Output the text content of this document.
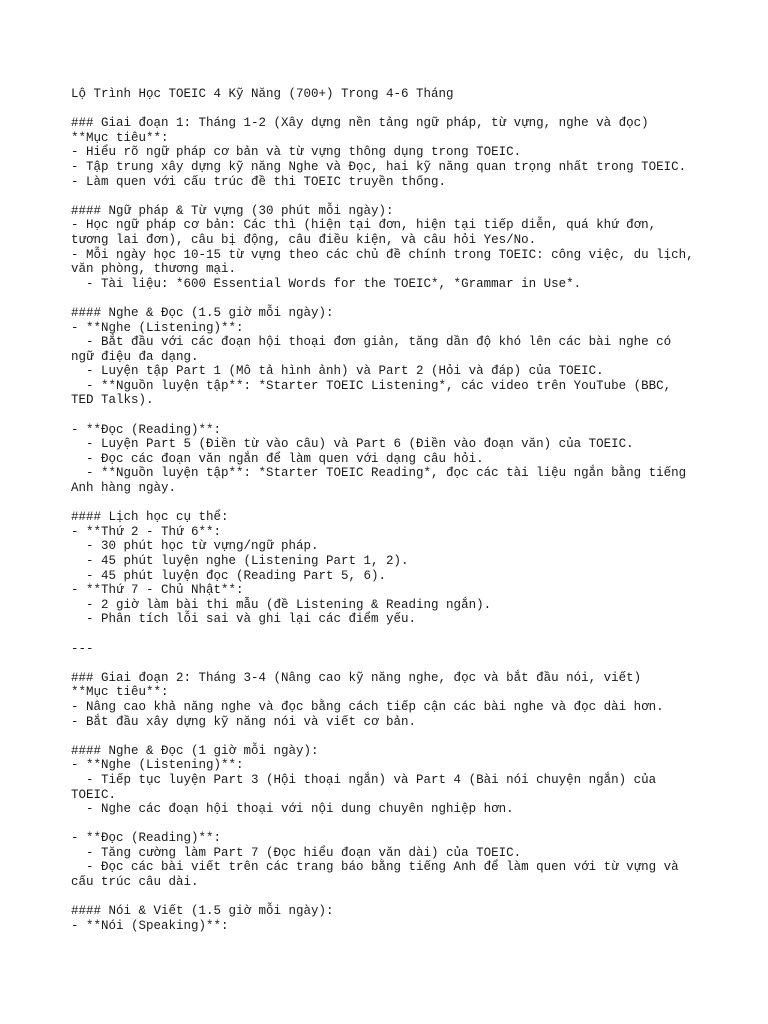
Lộ Trình Học TOEIC 4 Kỹ Năng (700+) Trong 4-6 Tháng
### Giai đoạn 1: Tháng 1-2 (Xây dựng nền tảng ngữ pháp, từ vựng, nghe và đọc)
**Mục tiêu**:
- Hiểu rõ ngữ pháp cơ bản và từ vựng thông dụng trong TOEIC.
- Tập trung xây dựng kỹ năng Nghe và Đọc, hai kỹ năng quan trọng nhất trong TOEIC.
- Làm quen với cấu trúc đề thi TOEIC truyền thống.
#### Ngữ pháp & Từ vựng (30 phút mỗi ngày):
- Học ngữ pháp cơ bản: Các thì (hiện tại đơn, hiện tại tiếp diễn, quá khứ đơn,
tương lai đơn), câu bị động, câu điều kiện, và câu hỏi Yes/No.
- Mỗi ngày học 10-15 từ vựng theo các chủ đề chính trong TOEIC: công việc, du lịch,
văn phòng, thương mại.
- Tài liệu: *600 Essential Words for the TOEIC*, *Grammar in Use*.
#### Nghe & Đọc (1.5 giờ mỗi ngày):
- **Nghe (Listening)**:
- Bắt đầu với các đoạn hội thoại đơn giản, tăng dần độ khó lên các bài nghe có
ngữ điệu đa dạng.
- Luyện tập Part 1 (Mô tả hình ảnh) và Part 2 (Hỏi và đáp) của TOEIC.
- **Nguồn luyện tập**: *Starter TOEIC Listening*, các video trên YouTube (BBC,
TED Talks).
- **Đọc (Reading)**:
- Luyện Part 5 (Điền từ vào câu) và Part 6 (Điền vào đoạn văn) của TOEIC.
- Đọc các đoạn văn ngắn để làm quen với dạng câu hỏi.
- **Nguồn luyện tập**: *Starter TOEIC Reading*, đọc các tài liệu ngắn bằng tiếng
Anh hàng ngày.
#### Lịch học cụ thể:
- **Thứ 2 - Thứ 6**:
- 30 phút học từ vựng/ngữ pháp.
- 45 phút luyện nghe (Listening Part 1, 2).
- 45 phút luyện đọc (Reading Part 5, 6).
- **Thứ 7 - Chủ Nhật**:
- 2 giờ làm bài thi mẫu (đề Listening & Reading ngắn).
- Phân tích lỗi sai và ghi lại các điểm yếu.
---
### Giai đoạn 2: Tháng 3-4 (Nâng cao kỹ năng nghe, đọc và bắt đầu nói, viết)
**Mục tiêu**:
- Nâng cao khả năng nghe và đọc bằng cách tiếp cận các bài nghe và đọc dài hơn.
- Bắt đầu xây dựng kỹ năng nói và viết cơ bản.
#### Nghe & Đọc (1 giờ mỗi ngày):
- **Nghe (Listening)**:
- Tiếp tục luyện Part 3 (Hội thoại ngắn) và Part 4 (Bài nói chuyện ngắn) của
TOEIC.
- Nghe các đoạn hội thoại với nội dung chuyên nghiệp hơn.
- **Đọc (Reading)**:
- Tăng cường làm Part 7 (Đọc hiểu đoạn văn dài) của TOEIC.
- Đọc các bài viết trên các trang báo bằng tiếng Anh để làm quen với từ vựng và
cấu trúc câu dài.
#### Nói & Viết (1.5 giờ mỗi ngày):
- **Nói (Speaking)**:
